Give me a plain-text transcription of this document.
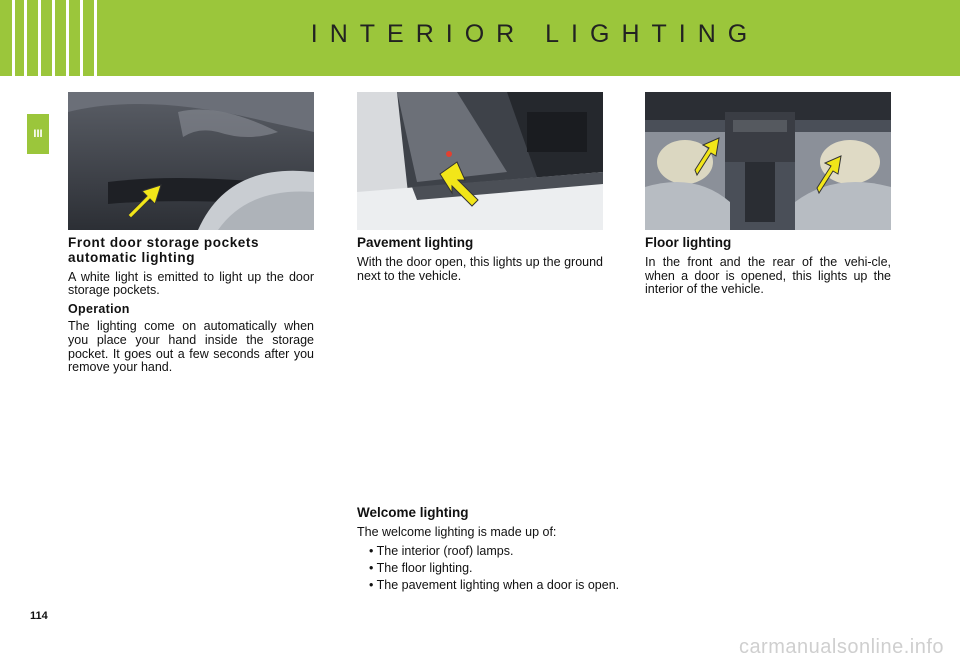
INTERIOR LIGHTING
III
Front door storage pockets automatic lighting
A white light is emitted to light up the door storage pockets.
Operation
The lighting come on automatically when you place your hand inside the storage pocket. It goes out a few seconds after you remove your hand.
Pavement lighting
With the door open, this lights up the ground next to the vehicle.
Floor lighting
In the front and the rear of the vehi-cle, when a door is opened, this lights up the interior of the vehicle.
Welcome lighting
The welcome lighting is made up of:
• The interior (roof) lamps.
• The floor lighting.
• The pavement lighting when a door is open.
114
carmanualsonline.info
